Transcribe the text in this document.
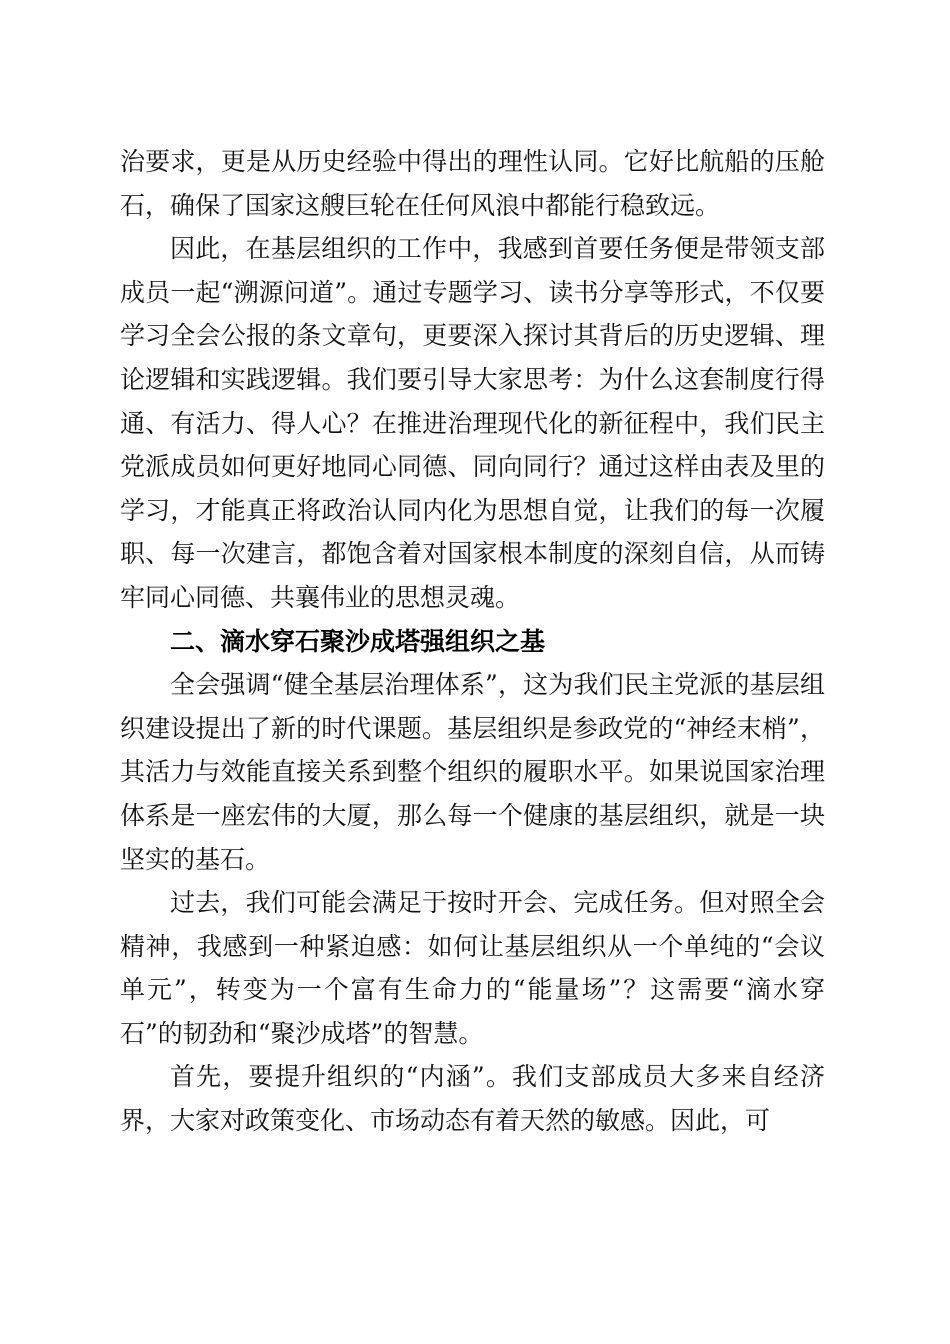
治要求，更是从历史经验中得出的理性认同。它好比航船的压舱石，确保了国家这艘巨轮在任何风浪中都能行稳致远。

因此，在基层组织的工作中，我感到首要任务便是带领支部成员一起“溯源问道”。通过专题学习、读书分享等形式，不仅要学习全会公报的条文章句，更要深入探讨其背后的历史逻辑、理论逻辑和实践逻辑。我们要引导大家思考：为什么这套制度行得通、有活力、得人心？在推进治理现代化的新征程中，我们民主党派成员如何更好地同心同德、同向同行？通过这样由表及里的学习，才能真正将政治认同内化为思想自觉，让我们的每一次履职、每一次建言，都饱含着对国家根本制度的深刻自信，从而铸牢同心同德、共襄伟业的思想灵魂。

二、滴水穿石聚沙成塔强组织之基

全会强调“健全基层治理体系”，这为我们民主党派的基层组织建设提出了新的时代课题。基层组织是参政党的“神经末梢”，其活力与效能直接关系到整个组织的履职水平。如果说国家治理体系是一座宏伟的大厦，那么每一个健康的基层组织，就是一块坚实的基石。

过去，我们可能会满足于按时开会、完成任务。但对照全会精神，我感到一种紧迫感：如何让基层组织从一个单纯的“会议单元”，转变为一个富有生命力的“能量场”？这需要“滴水穿石”的韧劲和“聚沙成塔”的智慧。

首先，要提升组织的“内涵”。我们支部成员大多来自经济界，大家对政策变化、市场动态有着天然的敏感。因此，可
